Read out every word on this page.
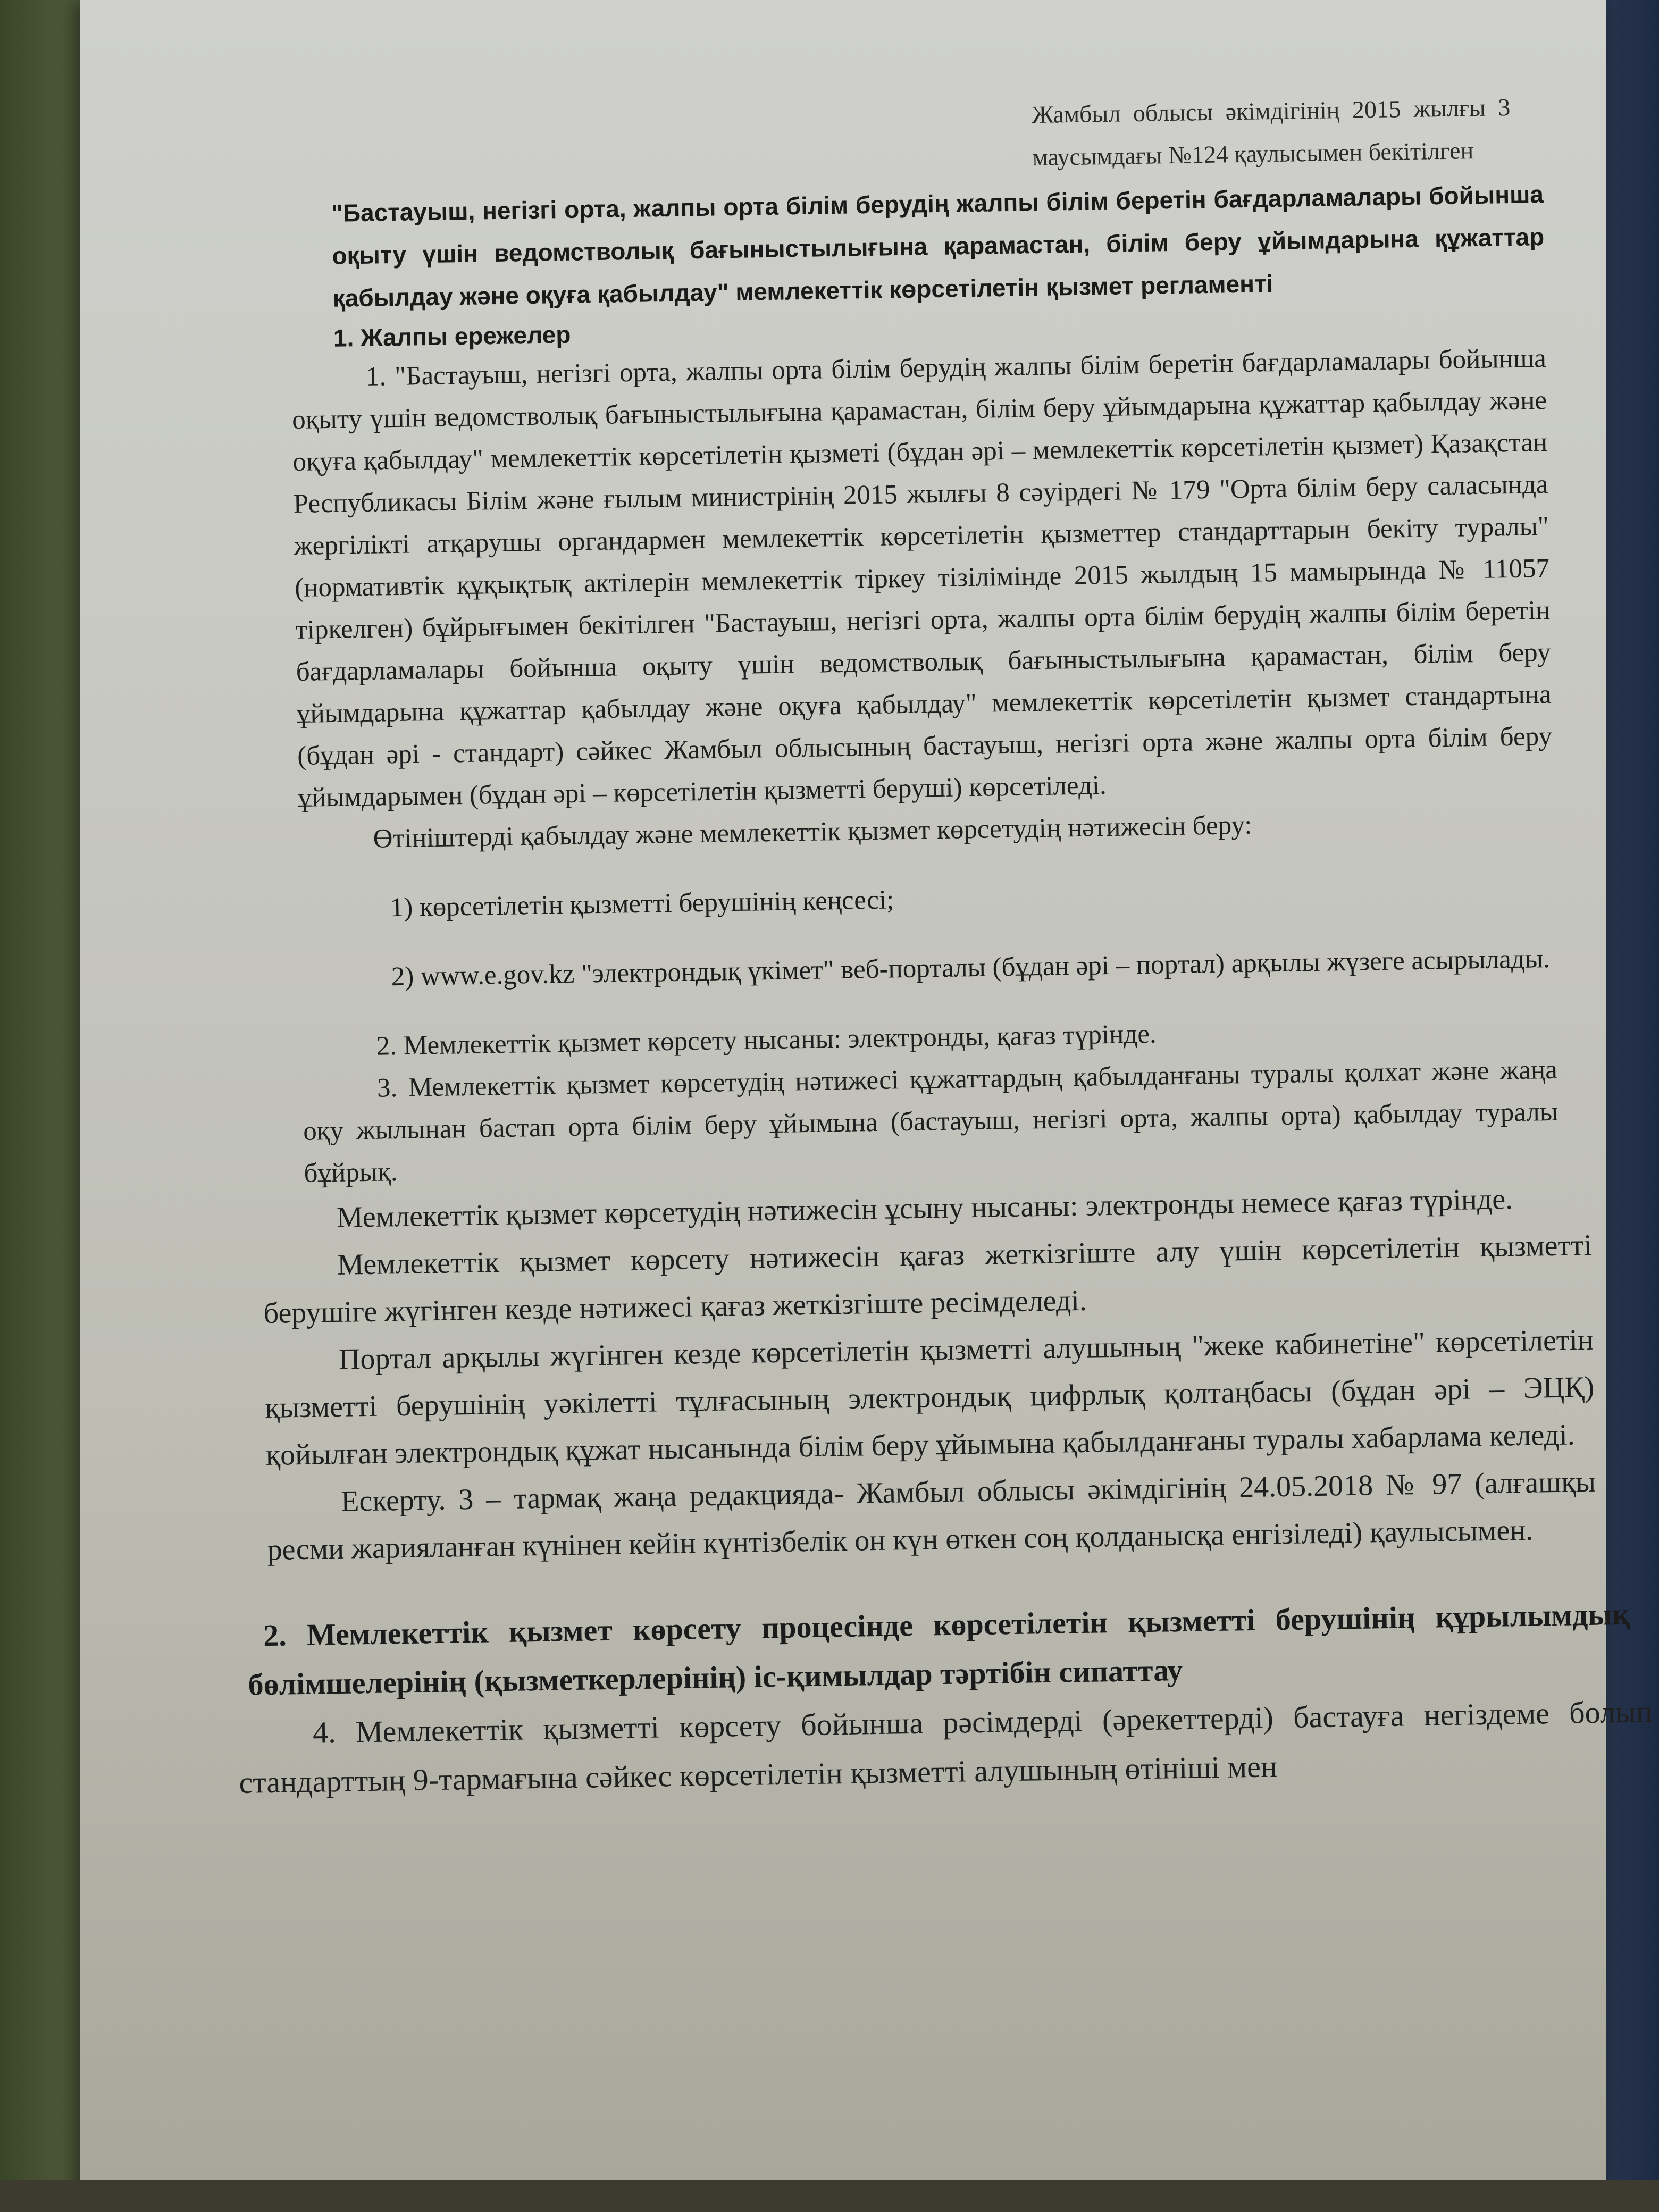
Жамбыл облысы әкімдігінің 2015 жылғы 3 маусымдағы №124 қаулысымен бекітілген
"Бастауыш, негізгі орта, жалпы орта білім берудің жалпы білім беретін бағдарламалары бойынша оқыту үшін ведомстволық бағыныстылығына қарамастан, білім беру ұйымдарына құжаттар қабылдау және оқуға қабылдау" мемлекеттік көрсетілетін қызмет регламенті
1. Жалпы ережелер

1. "Бастауыш, негізгі орта, жалпы орта білім берудің жалпы білім беретін бағдарламалары бойынша оқыту үшін ведомстволық бағыныстылығына қарамастан, білім беру ұйымдарына құжаттар қабылдау және оқуға қабылдау" мемлекеттік көрсетілетін қызметі (бұдан әрі – мемлекеттік көрсетілетін қызмет) Қазақстан Республикасы Білім және ғылым министрінің 2015 жылғы 8 сәуірдегі № 179 "Орта білім беру саласында жергілікті атқарушы органдармен мемлекеттік көрсетілетін қызметтер стандарттарын бекіту туралы" (нормативтік құқықтық актілерін мемлекеттік тіркеу тізілімінде 2015 жылдың 15 мамырында № 11057 тіркелген) бұйрығымен бекітілген "Бастауыш, негізгі орта, жалпы орта білім берудің жалпы білім беретін бағдарламалары бойынша оқыту үшін ведомстволық бағыныстылығына қарамастан, білім беру ұйымдарына құжаттар қабылдау және оқуға қабылдау" мемлекеттік көрсетілетін қызмет стандартына (бұдан әрі - стандарт) сәйкес Жамбыл облысының бастауыш, негізгі орта және жалпы орта білім беру ұйымдарымен (бұдан әрі – көрсетілетін қызметті беруші) көрсетіледі.

Өтініштерді қабылдау және мемлекеттік қызмет көрсетудің нәтижесін беру:

1) көрсетілетін қызметті берушінің кеңсесі;

2) www.e.gov.kz "электрондық үкімет" веб-порталы (бұдан әрі – портал) арқылы жүзеге асырылады.

2. Мемлекеттік қызмет көрсету нысаны: электронды, қағаз түрінде.

3. Мемлекеттік қызмет көрсетудің нәтижесі құжаттардың қабылданғаны туралы қолхат және жаңа оқу жылынан бастап орта білім беру ұйымына (бастауыш, негізгі орта, жалпы орта) қабылдау туралы бұйрық.

Мемлекеттік қызмет көрсетудің нәтижесін ұсыну нысаны: электронды немесе қағаз түрінде.

Мемлекеттік қызмет көрсету нәтижесін қағаз жеткізгіште алу үшін көрсетілетін қызметті берушіге жүгінген кезде нәтижесі қағаз жеткізгіште ресімделеді.

Портал арқылы жүгінген кезде көрсетілетін қызметті алушының "жеке кабинетіне" көрсетілетін қызметті берушінің уәкілетті тұлғасының электрондық цифрлық қолтаңбасы (бұдан әрі – ЭЦҚ) қойылған электрондық құжат нысанында білім беру ұйымына қабылданғаны туралы хабарлама келеді.

Ескерту. 3 – тармақ жаңа редакцияда- Жамбыл облысы әкімдігінің 24.05.2018 № 97 (алғашқы ресми жарияланған күнінен кейін күнтізбелік он күн өткен соң қолданысқа енгізіледі) қаулысымен.

2. Мемлекеттік қызмет көрсету процесінде көрсетілетін қызметті берушінің құрылымдық бөлімшелерінің (қызметкерлерінің) іс-қимылдар тәртібін сипаттау

4. Мемлекеттік қызметті көрсету бойынша рәсімдерді (әрекеттерді) бастауға негіздеме болып стандарттың 9-тармағына сәйкес көрсетілетін қызметті алушының өтініші мен
